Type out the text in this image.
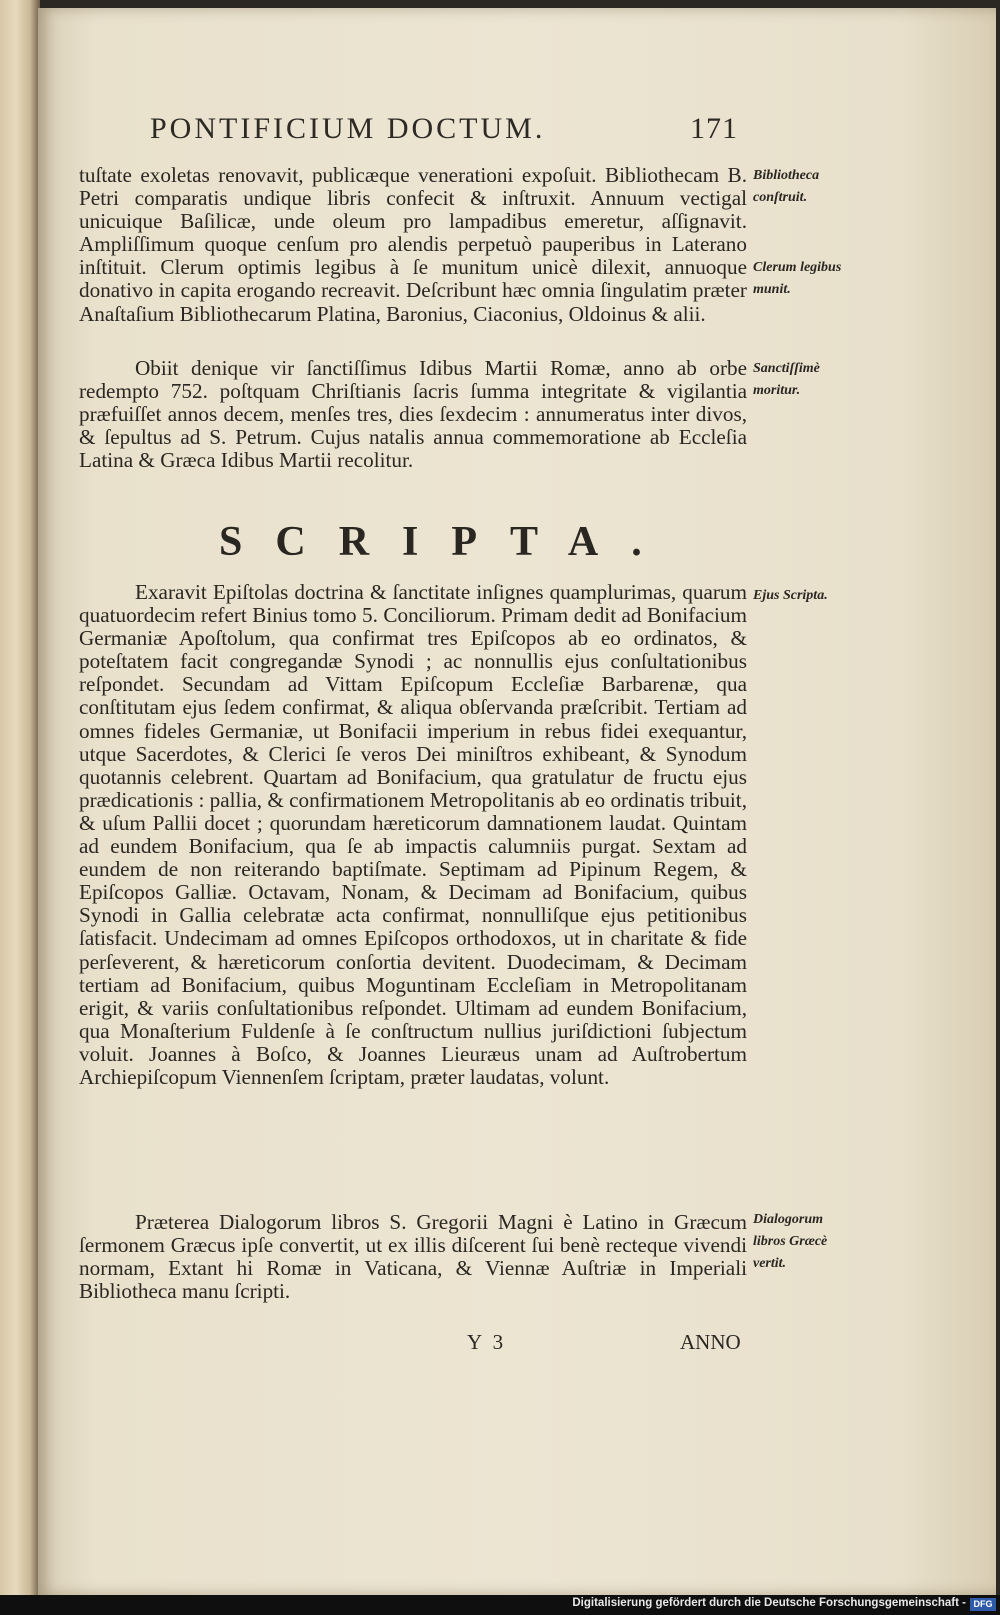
PONTIFICIUM DOCTUM.	171

tuſtate exoletas renovavit, publicæque venerationi expoſuit. Bibliothecam B. Petri comparatis undique libris confecit & inſtruxit. Annuum vectigal unicuique Baſilicæ, unde oleum pro lampadibus emeretur, aſſignavit. Ampliſſimum quoque cenſum pro alendis perpetuò pauperibus in Laterano inſtituit. Clerum optimis legibus à ſe munitum unicè dilexit, annuoque donativo in capita erogando recreavit. Deſcribunt hæc omnia ſingulatim præter Anaſtaſium Bibliothecarum Platina, Baronius, Ciaconius, Oldoinus & alii.

Obiit denique vir ſanctiſſimus Idibus Martii Romæ, anno ab orbe redempto 752. poſtquam Chriſtianis ſacris ſumma integritate & vigilantia præfuiſſet annos decem, menſes tres, dies ſexdecim : annumeratus inter divos, & ſepultus ad S. Petrum. Cujus natalis annua commemoratione ab Eccleſia Latina & Græca Idibus Martii recolitur.

SCRIPTA.

Exaravit Epiſtolas doctrina & ſanctitate inſignes quamplurimas, quarum quatuordecim refert Binius tomo 5. Conciliorum. Primam dedit ad Bonifacium Germaniæ Apoſtolum, qua confirmat tres Epiſcopos ab eo ordinatos, & poteſtatem facit congregandæ Synodi ; ac nonnullis ejus conſultationibus reſpondet. Secundam ad Vittam Epiſcopum Eccleſiæ Barbarenæ, qua conſtitutam ejus ſedem confirmat, & aliqua obſervanda præſcribit. Tertiam ad omnes fideles Germaniæ, ut Bonifacii imperium in rebus fidei exequantur, utque Sacerdotes, & Clerici ſe veros Dei miniſtros exhibeant, & Synodum quotannis celebrent. Quartam ad Bonifacium, qua gratulatur de fructu ejus prædicationis : pallia, & confirmationem Metropolitanis ab eo ordinatis tribuit, & uſum Pallii docet ; quorundam hæreticorum damnationem laudat. Quintam ad eundem Bonifacium, qua ſe ab impactis calumniis purgat. Sextam ad eundem de non reiterando baptiſmate. Septimam ad Pipinum Regem, & Epiſcopos Galliæ. Octavam, Nonam, & Decimam ad Bonifacium, quibus Synodi in Gallia celebratæ acta confirmat, nonnulliſque ejus petitionibus ſatisfacit. Undecimam ad omnes Epiſcopos orthodoxos, ut in charitate & fide perſeverent, & hæreticorum conſortia devitent. Duodecimam, & Decimam tertiam ad Bonifacium, quibus Moguntinam Eccleſiam in Metropolitanam erigit, & variis conſultationibus reſpondet. Ultimam ad eundem Bonifacium, qua Monaſterium Fuldenſe à ſe conſtructum nullius juriſdictioni ſubjectum voluit. Joannes à Boſco, & Joannes Lieuræus unam ad Auſtrobertum Archiepiſcopum Viennenſem ſcriptam, præter laudatas, volunt.

Præterea Dialogorum libros S. Gregorii Magni è Latino in Græcum ſermonem Græcus ipſe convertit, ut ex illis diſcerent ſui benè recteque vivendi normam, Extant hi Romæ in Vaticana, & Viennæ Auſtriæ in Imperiali Bibliotheca manu ſcripti.

Bibliotheca conſtruit.
Clerum legibus munit.
Sanctiſſimè moritur.
Ejus Scripta.
Dialogorum libros Græcè vertit.
Y 3	ANNO
Digitalisierung gefördert durch die Deutsche Forschungsgemeinschaft - DFG
